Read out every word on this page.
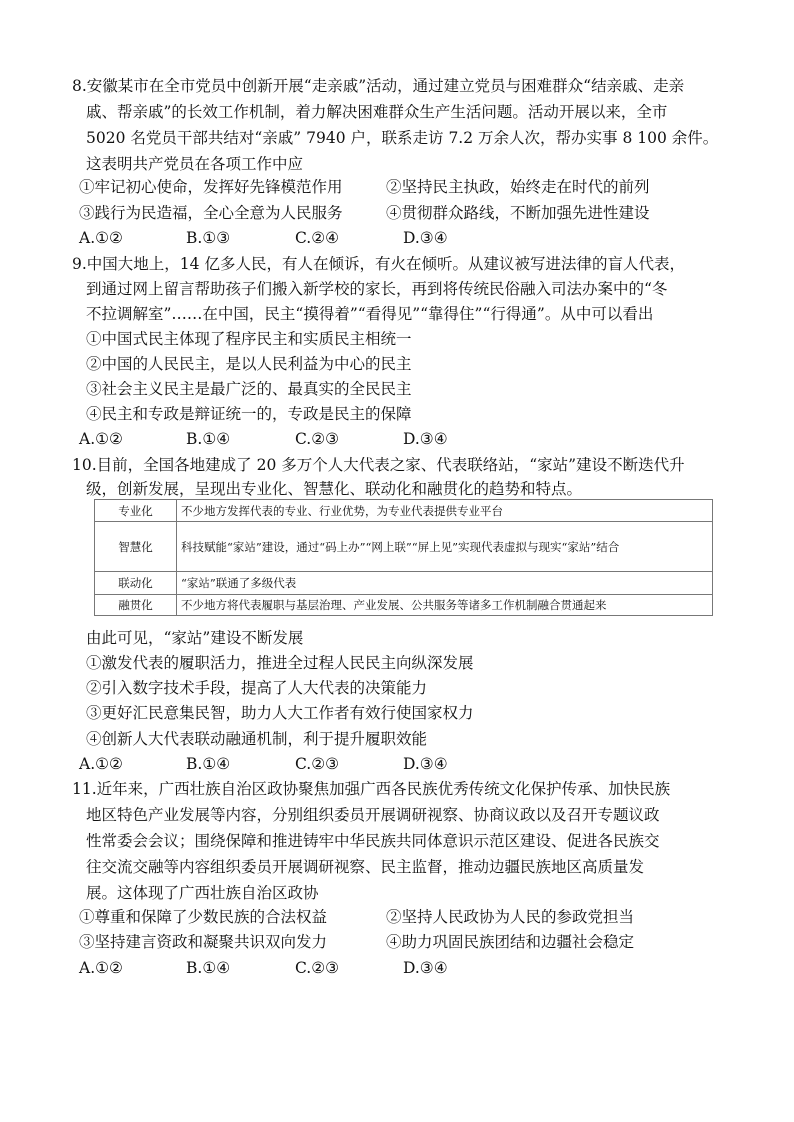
8.安徽某市在全市党员中创新开展“走亲戚”活动，通过建立党员与困难群众“结亲戚、走亲
戚、帮亲戚”的长效工作机制，着力解决困难群众生产生活问题。活动开展以来，全市
5020 名党员干部共结对“亲戚” 7940 户，联系走访 7.2 万余人次，帮办实事 8 100 余件。
这表明共产党员在各项工作中应
①牢记初心使命，发挥好先锋模范作用	②坚持民主执政，始终走在时代的前列
③践行为民造福，全心全意为人民服务	④贯彻群众路线，不断加强先进性建设
A.①②	B.①③	C.②④	D.③④
9.中国大地上，14 亿多人民，有人在倾诉，有火在倾听。从建议被写进法律的盲人代表，
到通过网上留言帮助孩子们搬入新学校的家长，再到将传统民俗融入司法办案中的“冬
不拉调解室”……在中国，民主“摸得着”“看得见”“靠得住”“行得通”。从中可以看出
①中国式民主体现了程序民主和实质民主相统一
②中国的人民民主，是以人民利益为中心的民主
③社会主义民主是最广泛的、最真实的全民民主
④民主和专政是辩证统一的，专政是民主的保障
A.①②	B.①④	C.②③	D.③④
10.目前，全国各地建成了 20 多万个人大代表之家、代表联络站，“家站”建设不断迭代升
级，创新发展，呈现出专业化、智慧化、联动化和融贯化的趋势和特点。
专业化	不少地方发挥代表的专业、行业优势，为专业代表提供专业平台
智慧化	科技赋能“家站”建设，通过“码上办”“网上联”“屏上见”实现代表虚拟与现实“家站”结合
联动化	“家站”联通了多级代表
融贯化	不少地方将代表履职与基层治理、产业发展、公共服务等诸多工作机制融合贯通起来
由此可见，“家站”建设不断发展
①激发代表的履职活力，推进全过程人民民主向纵深发展
②引入数字技术手段，提高了人大代表的决策能力
③更好汇民意集民智，助力人大工作者有效行使国家权力
④创新人大代表联动融通机制，利于提升履职效能
A.①②	B.①④	C.②③	D.③④
11.近年来，广西壮族自治区政协聚焦加强广西各民族优秀传统文化保护传承、加快民族
地区特色产业发展等内容，分别组织委员开展调研视察、协商议政以及召开专题议政
性常委会会议；围绕保障和推进铸牢中华民族共同体意识示范区建设、促进各民族交
往交流交融等内容组织委员开展调研视察、民主监督，推动边疆民族地区高质量发
展。这体现了广西壮族自治区政协
①尊重和保障了少数民族的合法权益	②坚持人民政协为人民的参政党担当
③坚持建言资政和凝聚共识双向发力	④助力巩固民族团结和边疆社会稳定
A.①②	B.①④	C.②③	D.③④
